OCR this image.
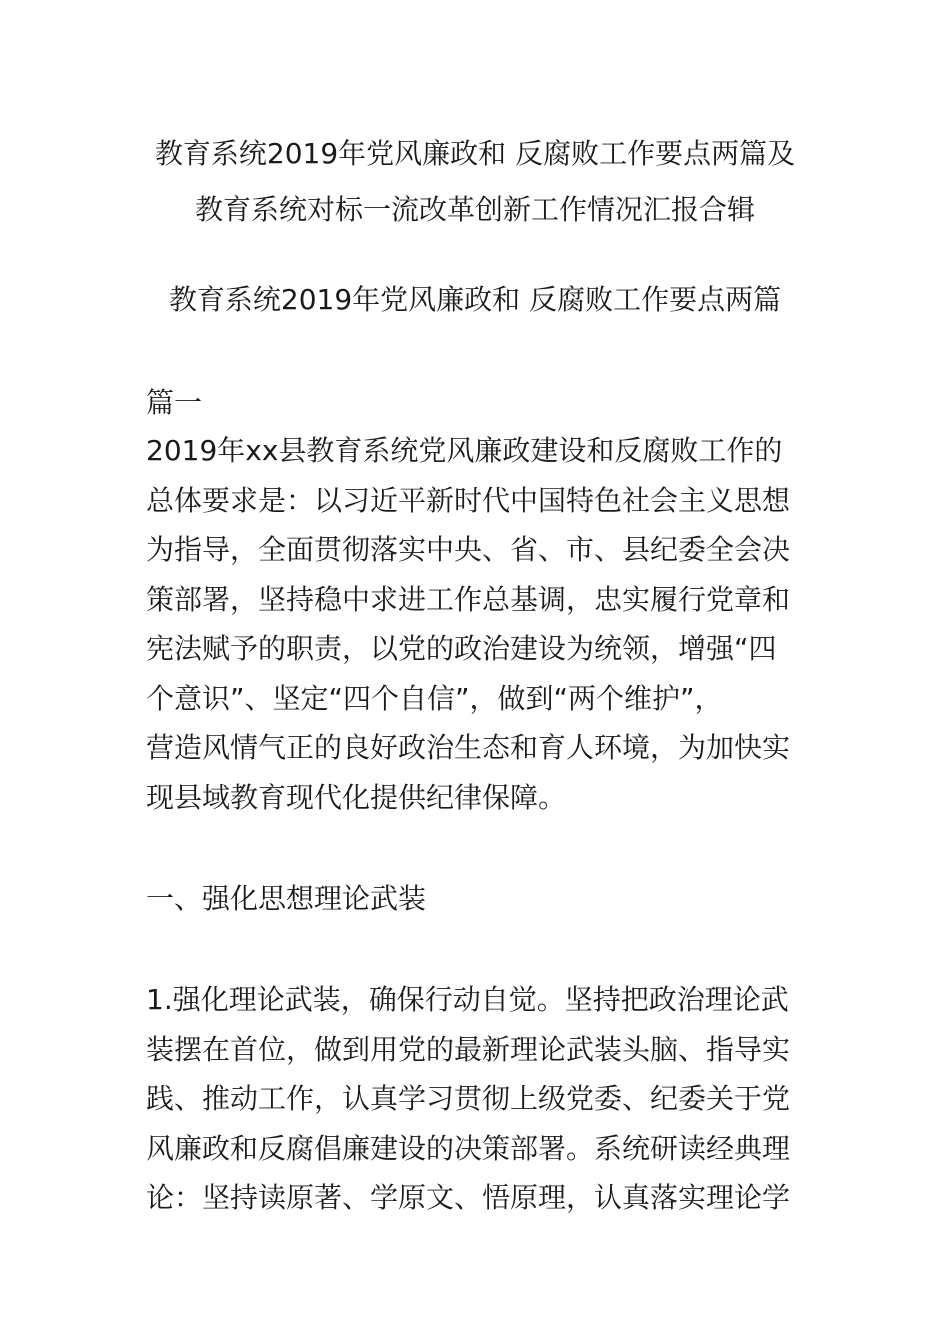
教育系统2019年党风廉政和 反腐败工作要点两篇及
教育系统对标一流改革创新工作情况汇报合辑
教育系统2019年党风廉政和 反腐败工作要点两篇
篇一
2019年xx县教育系统党风廉政建设和反腐败工作的
总体要求是：以习近平新时代中国特色社会主义思想
为指导，全面贯彻落实中央、省、市、县纪委全会决
策部署，坚持稳中求进工作总基调，忠实履行党章和
宪法赋予的职责，以党的政治建设为统领，增强“四
个意识”、坚定“四个自信”，做到“两个维护”，
营造风情气正的良好政治生态和育人环境，为加快实
现县域教育现代化提供纪律保障。
一、强化思想理论武装
1.强化理论武装，确保行动自觉。坚持把政治理论武
装摆在首位，做到用党的最新理论武装头脑、指导实
践、推动工作，认真学习贯彻上级党委、纪委关于党
风廉政和反腐倡廉建设的决策部署。系统研读经典理
论：坚持读原著、学原文、悟原理，认真落实理论学
